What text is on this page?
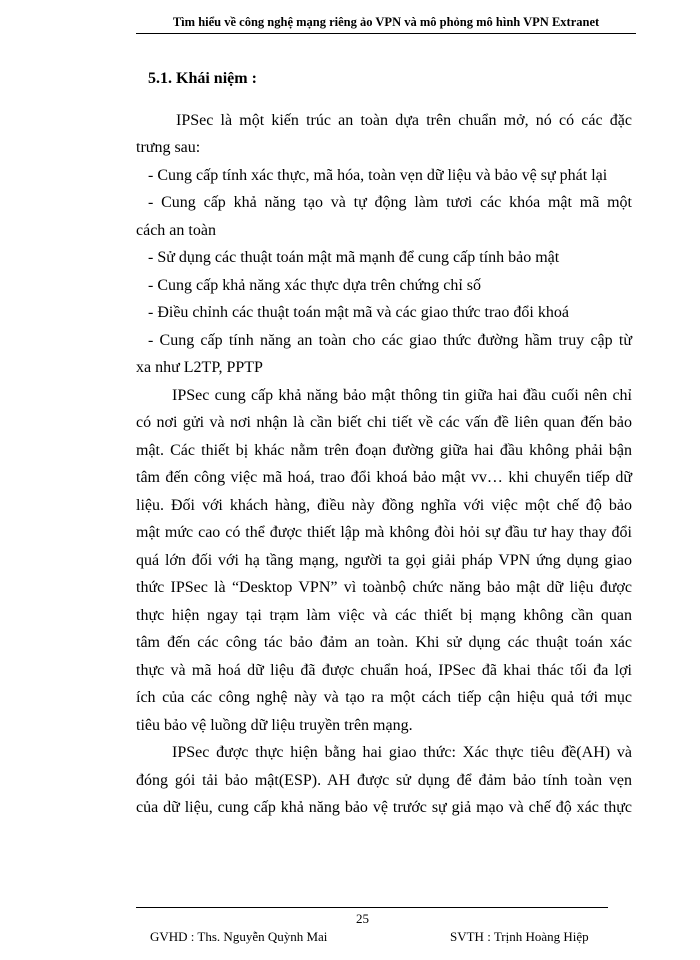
Tìm hiểu về công nghệ mạng riêng ảo VPN và mô phỏng mô hình VPN Extranet
5.1. Khái niệm :
IPSec là một kiến trúc an toàn dựa trên chuẩn mở, nó có các đặc
trưng sau:
- Cung cấp tính xác thực, mã hóa, toàn vẹn dữ liệu và bảo vệ sự phát lại
- Cung cấp khả năng tạo và tự động làm tươi các khóa mật mã một
cách an toàn
- Sử dụng các thuật toán mật mã mạnh để cung cấp tính bảo mật
- Cung cấp khả năng xác thực dựa trên chứng chỉ số
- Điều chỉnh các thuật toán mật mã và các giao thức trao đổi khoá
- Cung cấp tính năng an toàn cho các giao thức đường hầm truy cập từ
xa như L2TP, PPTP
IPSec cung cấp khả năng bảo mật thông tin giữa hai đầu cuối nên chỉ
có nơi gửi và nơi nhận là cần biết chi tiết về các vấn đề liên quan đến bảo
mật. Các thiết bị khác nằm trên đoạn đường giữa hai đầu không phải bận
tâm đến công việc mã hoá, trao đổi khoá bảo mật vv… khi chuyển tiếp dữ
liệu. Đối với khách hàng, điều này đồng nghĩa với việc một chế độ bảo
mật mức cao có thể được thiết lập mà không đòi hỏi sự đầu tư hay thay đổi
quá lớn đối với hạ tầng mạng, người ta gọi giải pháp VPN ứng dụng giao
thức IPSec là “Desktop VPN” vì toànbộ chức năng bảo mật dữ liệu được
thực hiện ngay tại trạm làm việc và các thiết bị mạng không cần quan
tâm đến các công tác bảo đảm an toàn. Khi sử dụng các thuật toán xác
thực và mã hoá dữ liệu đã được chuẩn hoá, IPSec đã khai thác tối đa lợi
ích của các công nghệ này và tạo ra một cách tiếp cận hiệu quả tới mục
tiêu bảo vệ luồng dữ liệu truyền trên mạng.
IPSec được thực hiện bằng hai giao thức: Xác thực tiêu đề(AH) và
đóng gói tải bảo mật(ESP). AH được sử dụng để đảm bảo tính toàn vẹn
của dữ liệu, cung cấp khả năng bảo vệ trước sự giả mạo và chế độ xác thực
25
GVHD : Ths. Nguyễn Quỳnh Mai	SVTH : Trịnh Hoàng Hiệp
